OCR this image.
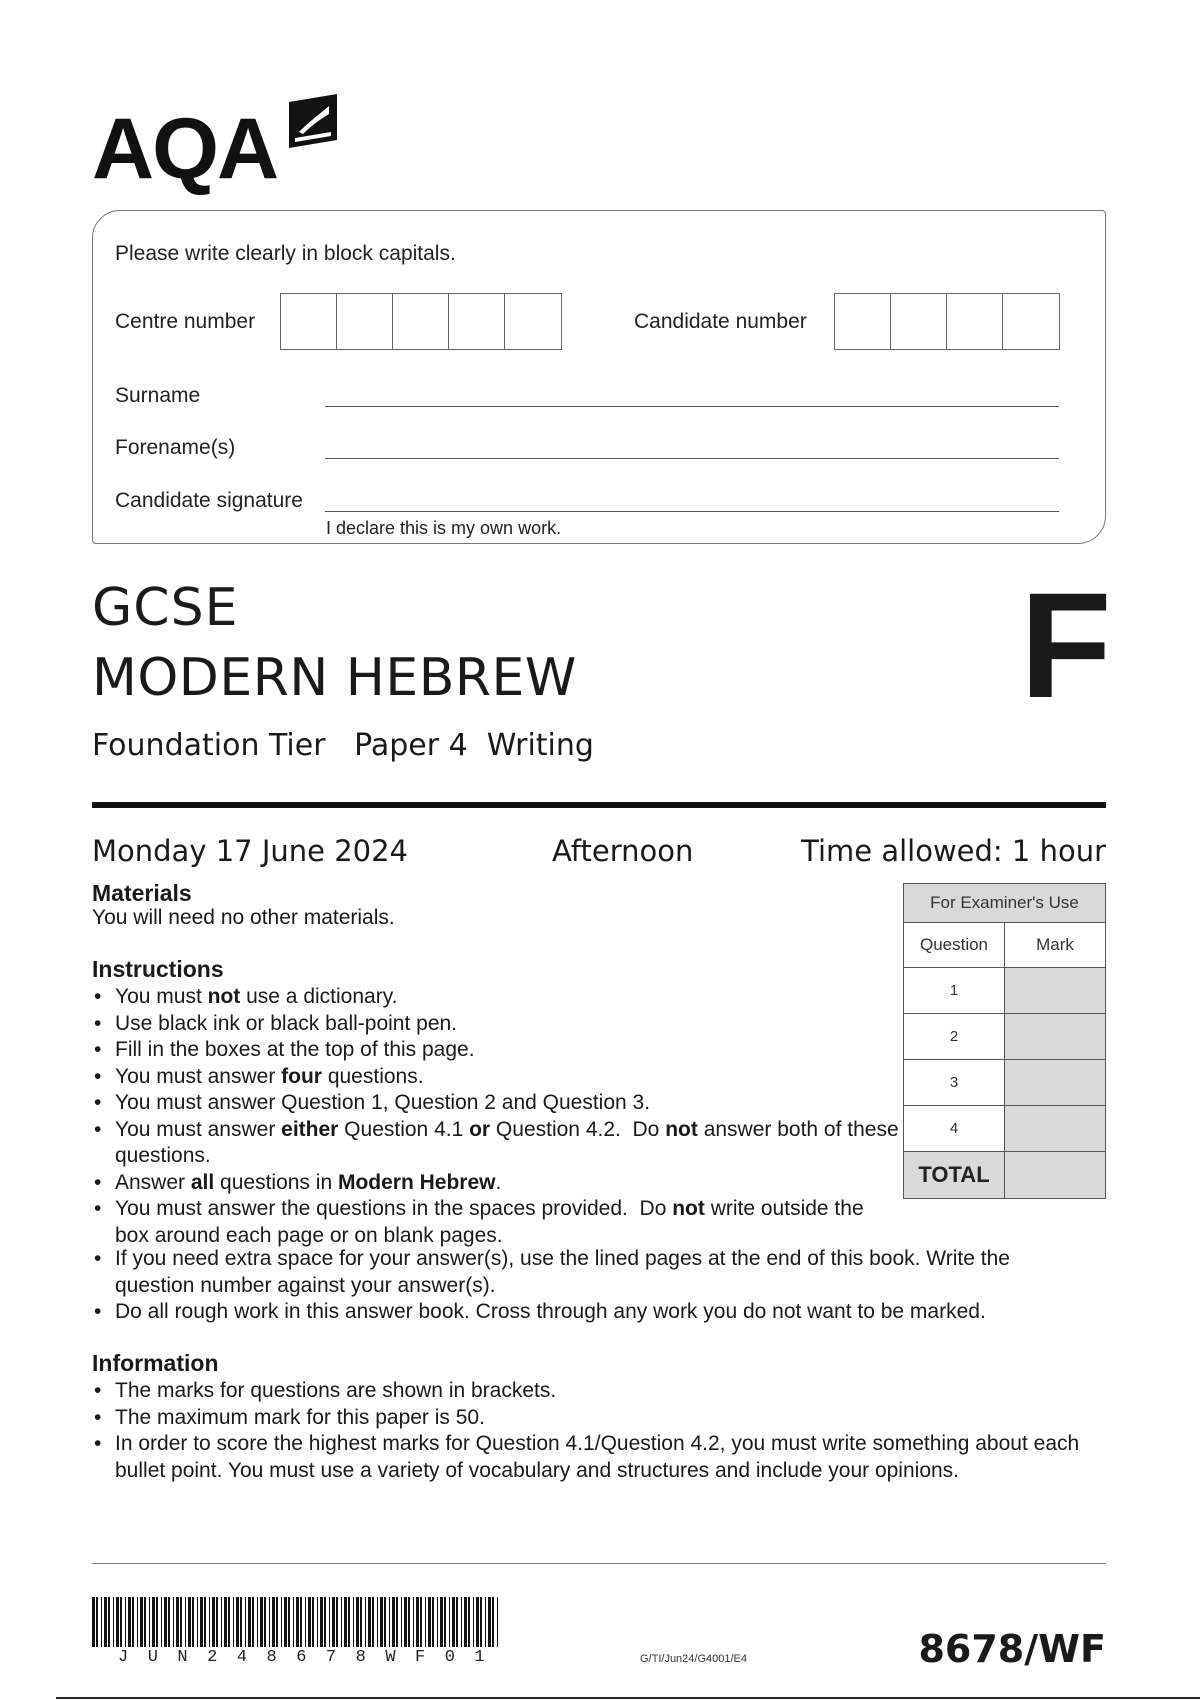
AQA
Please write clearly in block capitals.
Centre number	Candidate number
Surname
Forename(s)
Candidate signature
I declare this is my own work.
GCSE
MODERN HEBREW
Foundation Tier   Paper 4  Writing
F
Monday 17 June 2024	Afternoon	Time allowed: 1 hour
Materials
You will need no other materials.
Instructions
• You must not use a dictionary.
• Use black ink or black ball-point pen.
• Fill in the boxes at the top of this page.
• You must answer four questions.
• You must answer Question 1, Question 2 and Question 3.
• You must answer either Question 4.1 or Question 4.2.  Do not answer both of these questions.
• Answer all questions in Modern Hebrew.
• You must answer the questions in the spaces provided.  Do not write outside the box around each page or on blank pages.
• If you need extra space for your answer(s), use the lined pages at the end of this book. Write the question number against your answer(s).
• Do all rough work in this answer book. Cross through any work you do not want to be marked.
Information
• The marks for questions are shown in brackets.
• The maximum mark for this paper is 50.
• In order to score the highest marks for Question 4.1/Question 4.2, you must write something about each bullet point. You must use a variety of vocabulary and structures and include your opinions.
For Examiner's Use	
Question	Mark
1	
2	
3	
4	
TOTAL	
JUN248678WF01	G/TI/Jun24/G4001/E4	8678/WF
